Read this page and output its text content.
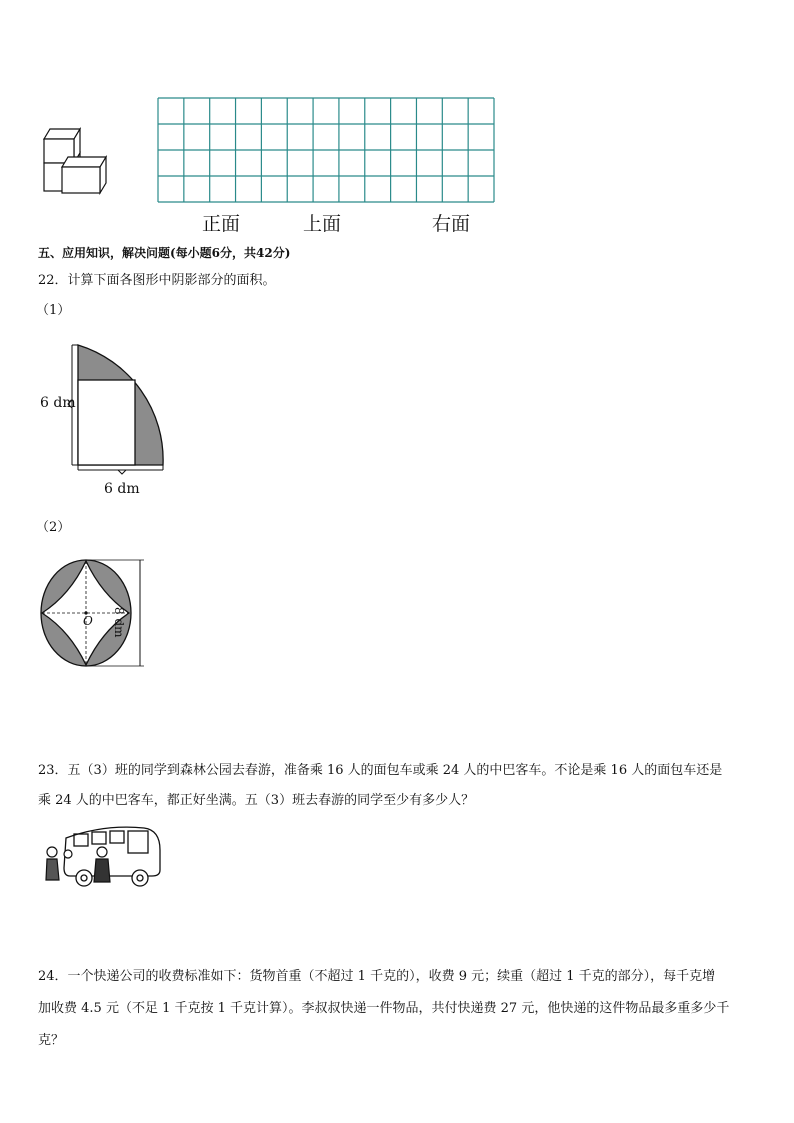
正面	上面	右面
五、应用知识，解决问题(每小题6分，共42分)
22．计算下面各图形中阴影部分的面积。
（1）
6 dm
6 dm
（2）
O 8 dm
23．五（3）班的同学到森林公园去春游，准备乘 16 人的面包车或乘 24 人的中巴客车。不论是乘 16 人的面包车还是
乘 24 人的中巴客车，都正好坐满。五（3）班去春游的同学至少有多少人？
24．一个快递公司的收费标准如下：货物首重（不超过 1 千克的），收费 9 元；续重（超过 1 千克的部分），每千克增
加收费 4.5 元（不足 1 千克按 1 千克计算）。李叔叔快递一件物品，共付快递费 27 元，他快递的这件物品最多重多少千
克？
